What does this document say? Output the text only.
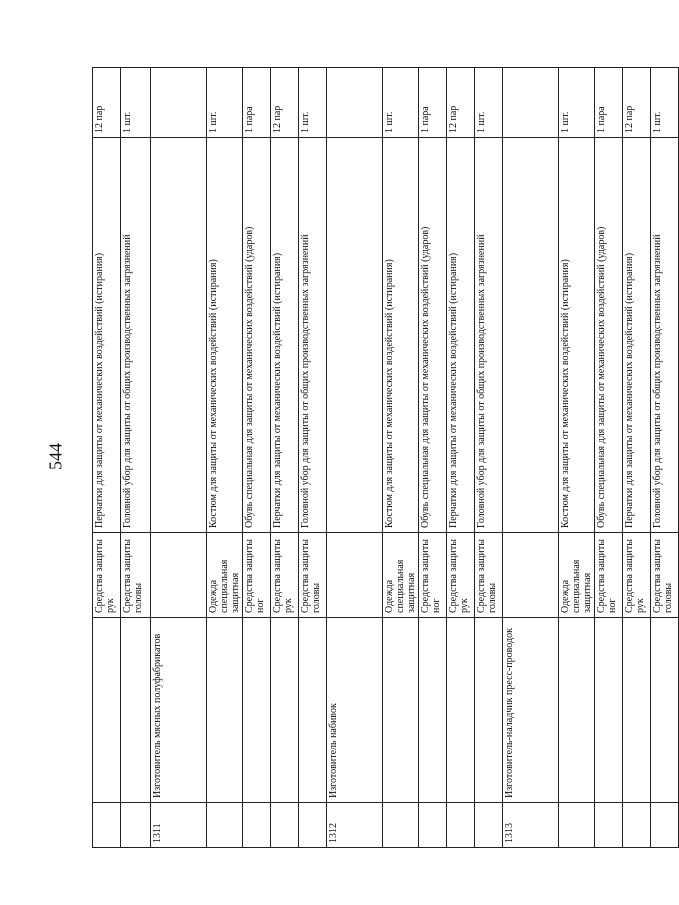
544
		Средства защиты рук	Перчатки для защиты от механических воздействий (истирания)	12 пар
		Средства защиты головы	Головной убор для защиты от общих производственных загрязнений	1 шт.
1311	Изготовитель мясных полуфабрикатов			
		Одежда специальная защитная	Костюм для защиты от механических воздействий (истирания)	1 шт.
		Средства защиты ног	Обувь специальная для защиты от механических воздействий (ударов)	1 пара
		Средства защиты рук	Перчатки для защиты от механических воздействий (истирания)	12 пар
		Средства защиты головы	Головной убор для защиты от общих производственных загрязнений	1 шт.
1312	Изготовитель набивок			
		Одежда специальная защитная	Костюм для защиты от механических воздействий (истирания)	1 шт.
		Средства защиты ног	Обувь специальная для защиты от механических воздействий (ударов)	1 пара
		Средства защиты рук	Перчатки для защиты от механических воздействий (истирания)	12 пар
		Средства защиты головы	Головной убор для защиты от общих производственных загрязнений	1 шт.
1313	Изготовитель-наладчик пресс-проводок			
		Одежда специальная защитная	Костюм для защиты от механических воздействий (истирания)	1 шт.
		Средства защиты ног	Обувь специальная для защиты от механических воздействий (ударов)	1 пара
		Средства защиты рук	Перчатки для защиты от механических воздействий (истирания)	12 пар
		Средства защиты головы	Головной убор для защиты от общих производственных загрязнений	1 шт.
